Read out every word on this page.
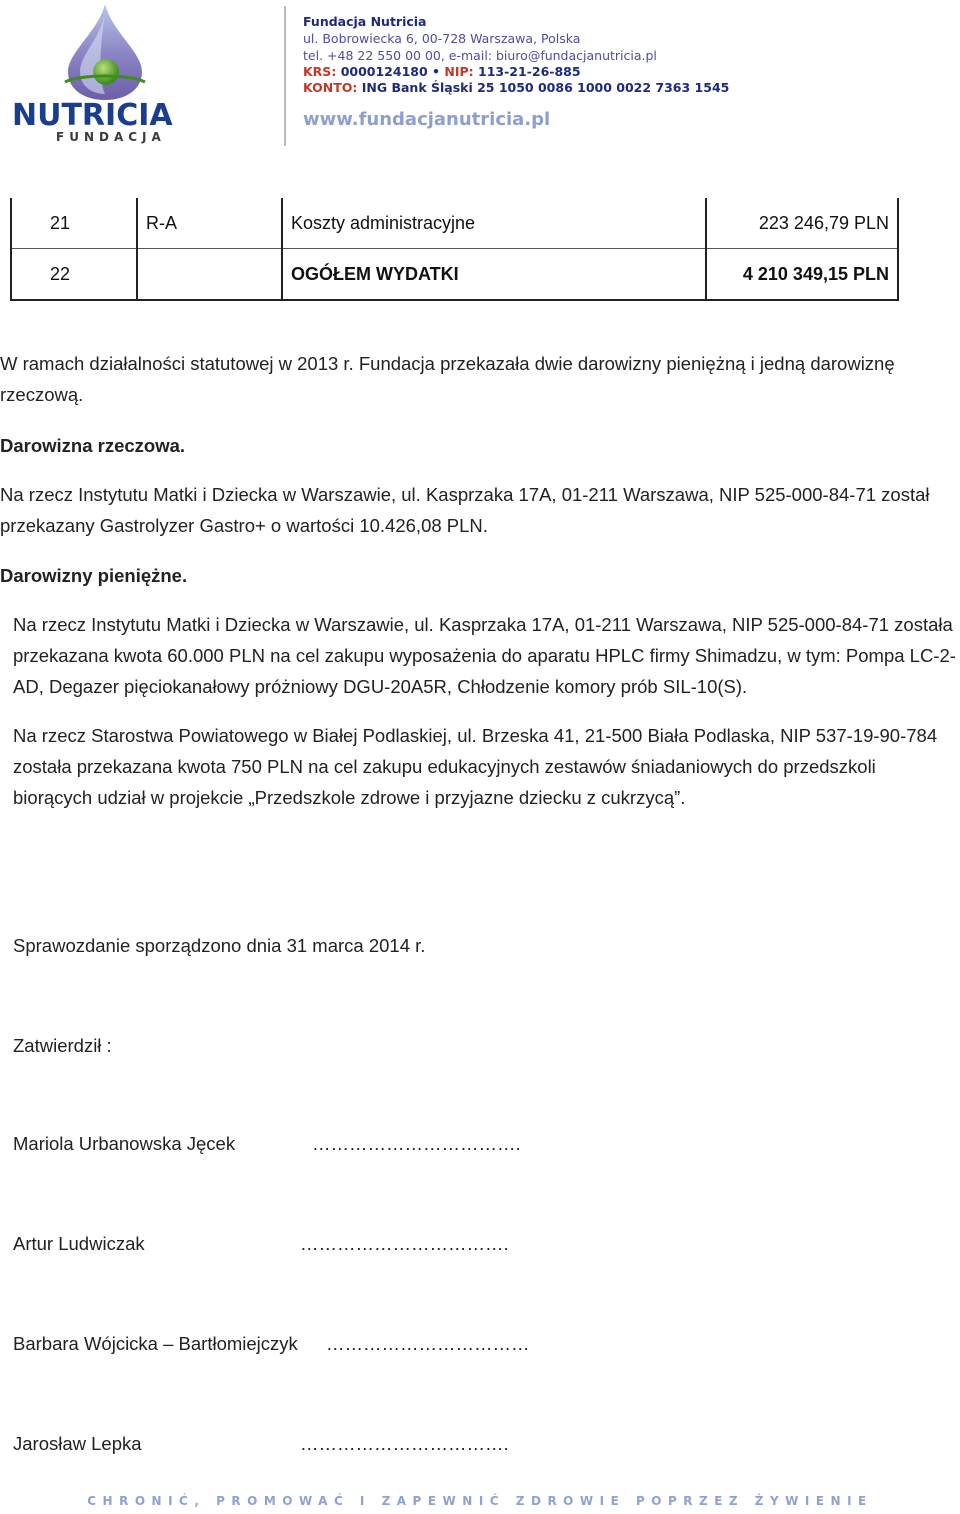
NUTRICIA
FUNDACJA
Fundacja Nutricia
ul. Bobrowiecka 6, 00-728 Warszawa, Polska
tel. +48 22 550 00 00, e-mail: biuro@fundacjanutricia.pl
KRS: 0000124180 • NIP: 113-21-26-885
KONTO: ING Bank Śląski 25 1050 0086 1000 0022 7363 1545
www.fundacjanutricia.pl
21	R-A	Koszty administracyjne	223 246,79 PLN
22		OGÓŁEM WYDATKI	4 210 349,15 PLN
W ramach działalności statutowej w 2013 r. Fundacja przekazała dwie darowizny pieniężną i jedną darowiznę rzeczową.
Darowizna rzeczowa.
Na rzecz Instytutu Matki i Dziecka w Warszawie, ul. Kasprzaka 17A, 01-211 Warszawa, NIP 525-000-84-71 został przekazany Gastrolyzer Gastro+ o wartości 10.426,08 PLN.
Darowizny pieniężne.
Na rzecz Instytutu Matki i Dziecka w Warszawie, ul. Kasprzaka 17A, 01-211 Warszawa, NIP 525-000-84-71 została przekazana kwota 60.000 PLN na cel zakupu wyposażenia do aparatu HPLC firmy Shimadzu, w tym: Pompa LC-2-AD, Degazer pięciokanałowy próżniowy DGU-20A5R, Chłodzenie komory prób SIL-10(S).
Na rzecz Starostwa Powiatowego w Białej Podlaskiej, ul. Brzeska 41, 21-500 Biała Podlaska, NIP 537-19-90-784 została przekazana kwota 750 PLN na cel zakupu edukacyjnych zestawów śniadaniowych do przedszkoli biorących udział w projekcie „Przedszkole zdrowe i przyjazne dziecku z cukrzycą”.
Sprawozdanie sporządzono dnia 31 marca 2014 r.
Zatwierdził :
Mariola Urbanowska Jęcek	…………………………….
Artur Ludwiczak	…………………………….
Barbara Wójcicka – Bartłomiejczyk ……………………………
Jarosław Lepka	…………………………….
CHRONIĆ, PROMOWAĆ I ZAPEWNIĆ ZDROWIE POPRZEZ ŻYWIENIE
